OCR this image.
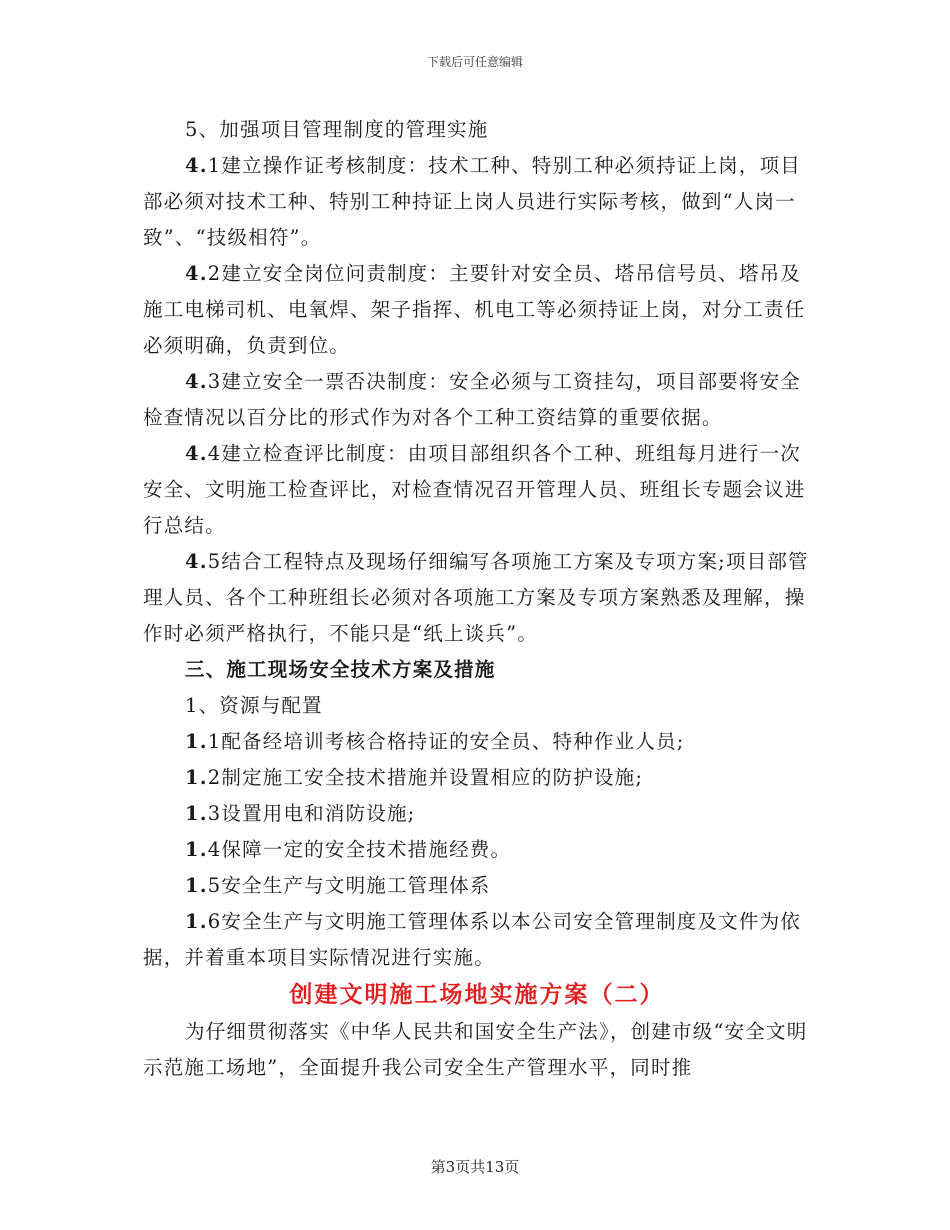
下载后可任意编辑

5、加强项目管理制度的管理实施

4.1建立操作证考核制度：技术工种、特别工种必须持证上岗，项目部必须对技术工种、特别工种持证上岗人员进行实际考核，做到“人岗一致”、“技级相符”。

4.2建立安全岗位问责制度：主要针对安全员、塔吊信号员、塔吊及施工电梯司机、电氧焊、架子指挥、机电工等必须持证上岗，对分工责任必须明确，负责到位。

4.3建立安全一票否决制度：安全必须与工资挂勾，项目部要将安全检查情况以百分比的形式作为对各个工种工资结算的重要依据。

4.4建立检查评比制度：由项目部组织各个工种、班组每月进行一次安全、文明施工检查评比，对检查情况召开管理人员、班组长专题会议进行总结。

4.5结合工程特点及现场仔细编写各项施工方案及专项方案;项目部管理人员、各个工种班组长必须对各项施工方案及专项方案熟悉及理解，操作时必须严格执行，不能只是“纸上谈兵”。

三、施工现场安全技术方案及措施

1、资源与配置

1.1配备经培训考核合格持证的安全员、特种作业人员;

1.2制定施工安全技术措施并设置相应的防护设施;

1.3设置用电和消防设施;

1.4保障一定的安全技术措施经费。

1.5安全生产与文明施工管理体系

1.6安全生产与文明施工管理体系以本公司安全管理制度及文件为依据，并着重本项目实际情况进行实施。

创建文明施工场地实施方案（二）

为仔细贯彻落实《中华人民共和国安全生产法》，创建市级“安全文明示范施工场地”，全面提升我公司安全生产管理水平，同时推

第3页共13页
